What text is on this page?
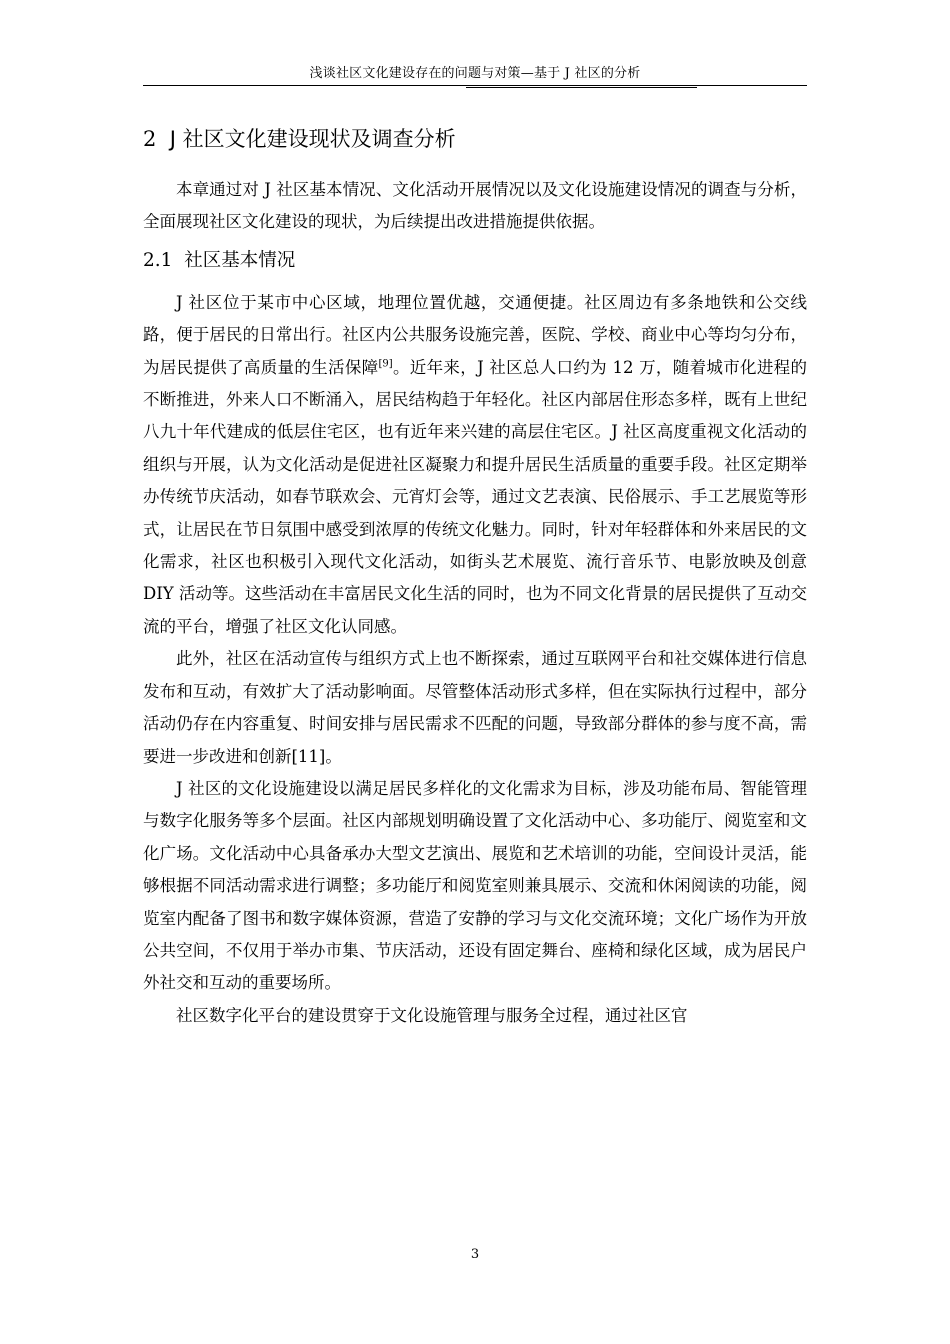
浅谈社区文化建设存在的问题与对策—基于 J 社区的分析
2 J 社区文化建设现状及调查分析

本章通过对 J 社区基本情况、文化活动开展情况以及文化设施建设情况的调查与分析，全面展现社区文化建设的现状，为后续提出改进措施提供依据。

2.1 社区基本情况

J 社区位于某市中心区域，地理位置优越，交通便捷。社区周边有多条地铁和公交线路，便于居民的日常出行。社区内公共服务设施完善，医院、学校、商业中心等均匀分布，为居民提供了高质量的生活保障[9]。近年来，J 社区总人口约为 12 万，随着城市化进程的不断推进，外来人口不断涌入，居民结构趋于年轻化。社区内部居住形态多样，既有上世纪八九十年代建成的低层住宅区，也有近年来兴建的高层住宅区。J 社区高度重视文化活动的组织与开展，认为文化活动是促进社区凝聚力和提升居民生活质量的重要手段。社区定期举办传统节庆活动，如春节联欢会、元宵灯会等，通过文艺表演、民俗展示、手工艺展览等形式，让居民在节日氛围中感受到浓厚的传统文化魅力。同时，针对年轻群体和外来居民的文化需求，社区也积极引入现代文化活动，如街头艺术展览、流行音乐节、电影放映及创意 DIY 活动等。这些活动在丰富居民文化生活的同时，也为不同文化背景的居民提供了互动交流的平台，增强了社区文化认同感。

此外，社区在活动宣传与组织方式上也不断探索，通过互联网平台和社交媒体进行信息发布和互动，有效扩大了活动影响面。尽管整体活动形式多样，但在实际执行过程中，部分活动仍存在内容重复、时间安排与居民需求不匹配的问题，导致部分群体的参与度不高，需要进一步改进和创新[11]。

J 社区的文化设施建设以满足居民多样化的文化需求为目标，涉及功能布局、智能管理与数字化服务等多个层面。社区内部规划明确设置了文化活动中心、多功能厅、阅览室和文化广场。文化活动中心具备承办大型文艺演出、展览和艺术培训的功能，空间设计灵活，能够根据不同活动需求进行调整；多功能厅和阅览室则兼具展示、交流和休闲阅读的功能，阅览室内配备了图书和数字媒体资源，营造了安静的学习与文化交流环境；文化广场作为开放公共空间，不仅用于举办市集、节庆活动，还设有固定舞台、座椅和绿化区域，成为居民户外社交和互动的重要场所。

社区数字化平台的建设贯穿于文化设施管理与服务全过程，通过社区官

3
